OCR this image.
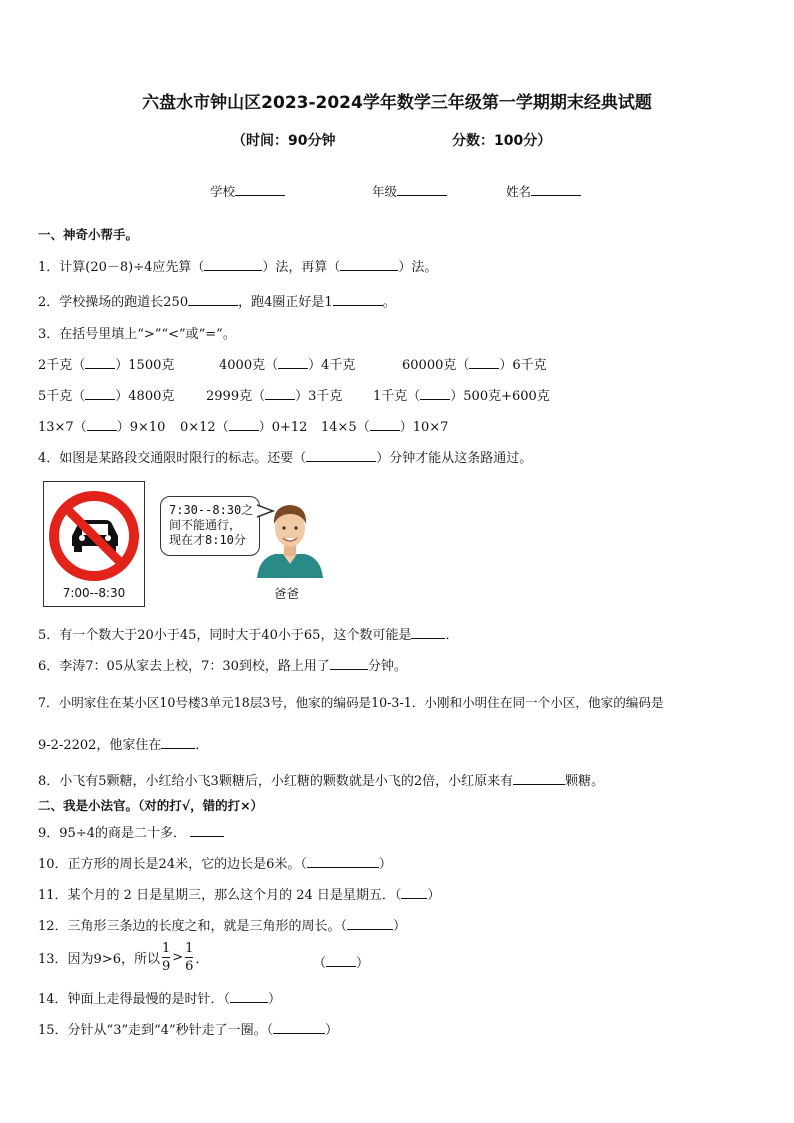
六盘水市钟山区2023-2024学年数学三年级第一学期期末经典试题
（时间：90分钟	分数：100分）
学校	年级	姓名
一、神奇小帮手。
1．计算(20－8)÷4应先算（	）法，再算（	）法。
2．学校操场的跑道长250	，跑4圈正好是1	。
3．在括号里填上“>”“<”或“=”。
2千克（ ）1500克	4000克（ ）4千克	60000克（ ）6千克
5千克（ ）4800克 2999克（ ）3千克 1千克（ ）500克+600克
13×7（ ）9×10 0×12（ ）0+12 14×5（ ）10×7
4．如图是某路段交通限时限行的标志。还要（	）分钟才能从这条路通过。
7:00--8:30
7:30--8:30之
间不能通行，
现在才8:10分
爸爸
5．有一个数大于20小于45，同时大于40小于65，这个数可能是	．
6．李涛7：05从家去上校，7：30到校，路上用了	分钟。
7．小明家住在某小区10号楼3单元18层3号，他家的编码是10-3-1．小刚和小明住在同一个小区，他家的编码是
9-2-2202，他家住在	．
8．小飞有5颗糖，小红给小飞3颗糖后，小红糖的颗数就是小飞的2倍，小红原来有	颗糖。
二、我是小法官。（对的打√，错的打×）
9．95÷4的商是二十多．
10．正方形的周长是24米，它的边长是6米。（	）
11．某个月的 2 日是星期三，那么这个月的 24 日是星期五．（ ）
12．三角形三条边的长度之和，就是三角形的周长。（	）
13．因为9>6，所以 $\frac{1}{9} > \frac{1}{6}$ ．	（ ）
14．钟面上走得最慢的是时针．（	）
15．分针从“3”走到“4”秒针走了一圈。（	）
